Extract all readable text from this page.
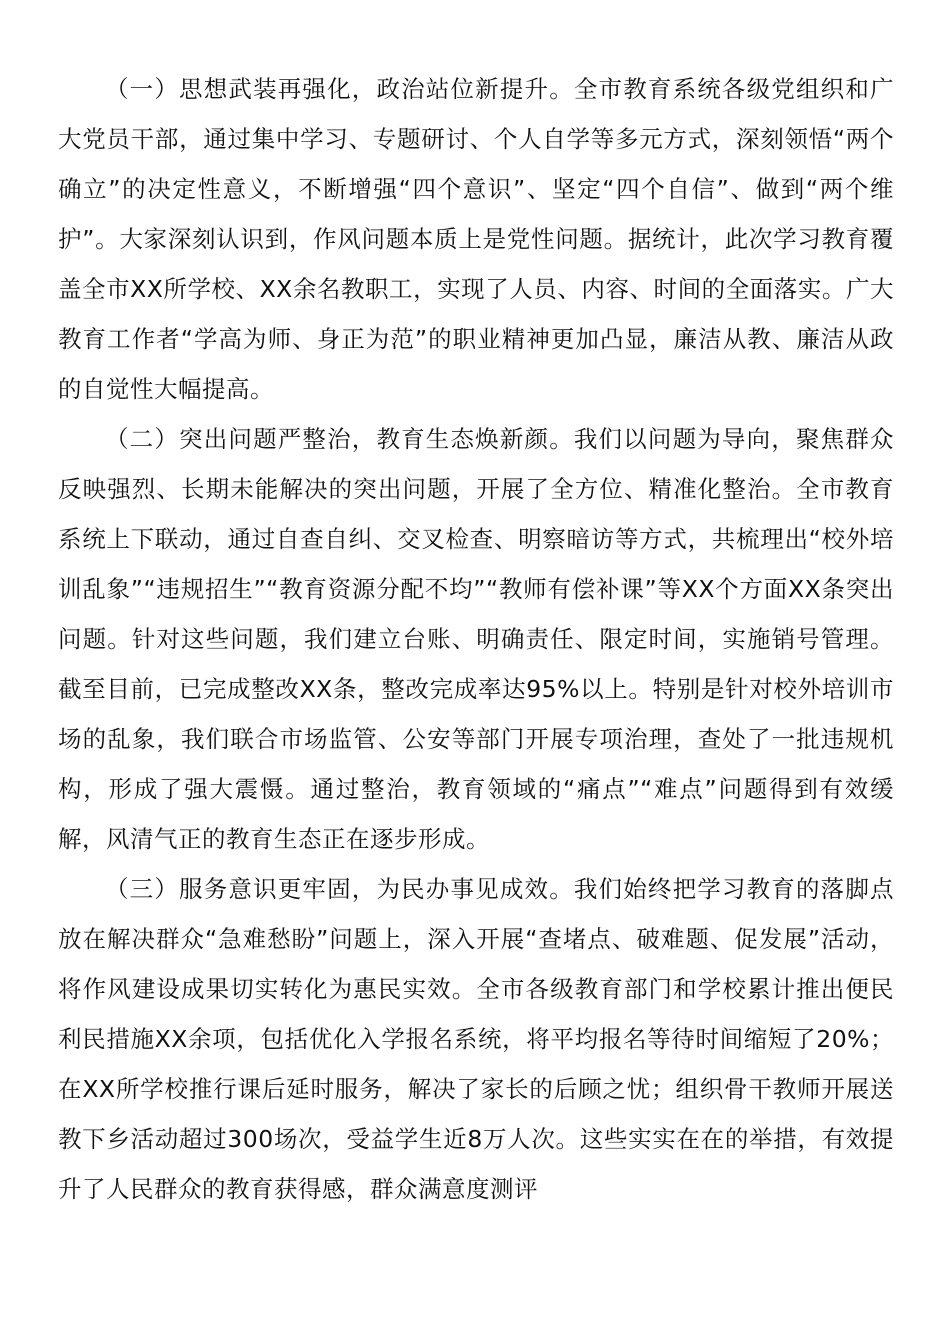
（一）思想武装再强化，政治站位新提升。全市教育系统各级党组织和广大党员干部，通过集中学习、专题研讨、个人自学等多元方式，深刻领悟“两个确立”的决定性意义，不断增强“四个意识”、坚定“四个自信”、做到“两个维护”。大家深刻认识到，作风问题本质上是党性问题。据统计，此次学习教育覆盖全市XX所学校、XX余名教职工，实现了人员、内容、时间的全面落实。广大教育工作者“学高为师、身正为范”的职业精神更加凸显，廉洁从教、廉洁从政的自觉性大幅提高。

（二）突出问题严整治，教育生态焕新颜。我们以问题为导向，聚焦群众反映强烈、长期未能解决的突出问题，开展了全方位、精准化整治。全市教育系统上下联动，通过自查自纠、交叉检查、明察暗访等方式，共梳理出“校外培训乱象”“违规招生”“教育资源分配不均”“教师有偿补课”等XX个方面XX条突出问题。针对这些问题，我们建立台账、明确责任、限定时间，实施销号管理。截至目前，已完成整改XX条，整改完成率达95%以上。特别是针对校外培训市场的乱象，我们联合市场监管、公安等部门开展专项治理，查处了一批违规机构，形成了强大震慑。通过整治，教育领域的“痛点”“难点”问题得到有效缓解，风清气正的教育生态正在逐步形成。

（三）服务意识更牢固，为民办事见成效。我们始终把学习教育的落脚点放在解决群众“急难愁盼”问题上，深入开展“查堵点、破难题、促发展”活动，将作风建设成果切实转化为惠民实效。全市各级教育部门和学校累计推出便民利民措施XX余项，包括优化入学报名系统，将平均报名等待时间缩短了20%；在XX所学校推行课后延时服务，解决了家长的后顾之忧；组织骨干教师开展送教下乡活动超过300场次，受益学生近8万人次。这些实实在在的举措，有效提升了人民群众的教育获得感，群众满意度测评
